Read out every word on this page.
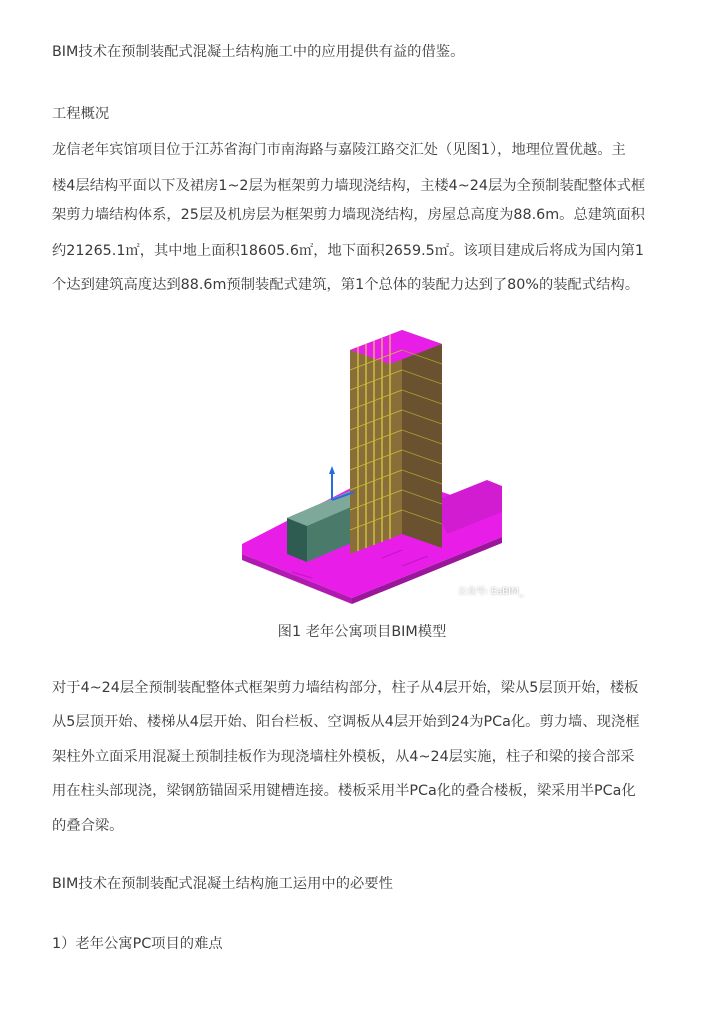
BIM技术在预制装配式混凝土结构施工中的应用提供有益的借鉴。
工程概况
龙信老年宾馆项目位于江苏省海门市南海路与嘉陵江路交汇处（见图1），地理位置优越。主
楼4层结构平面以下及裙房1~2层为框架剪力墙现浇结构，主楼4~24层为全预制装配整体式框
架剪力墙结构体系，25层及机房层为框架剪力墙现浇结构，房屋总高度为88.6m。总建筑面积
约21265.1㎡，其中地上面积18605.6㎡，地下面积2659.5㎡。该项目建成后将成为国内第1
个达到建筑高度达到88.6m预制装配式建筑，第1个总体的装配力达到了80%的装配式结构。
公众号: EaBIM_
图1 老年公寓项目BIM模型
对于4~24层全预制装配整体式框架剪力墙结构部分，柱子从4层开始，梁从5层顶开始，楼板
从5层顶开始、楼梯从4层开始、阳台栏板、空调板从4层开始到24为PCa化。剪力墙、现浇框
架柱外立面采用混凝土预制挂板作为现浇墙柱外模板，从4~24层实施，柱子和梁的接合部采
用在柱头部现浇，梁钢筋锚固采用键槽连接。楼板采用半PCa化的叠合楼板，梁采用半PCa化
的叠合梁。
BIM技术在预制装配式混凝土结构施工运用中的必要性
1）老年公寓PC项目的难点
